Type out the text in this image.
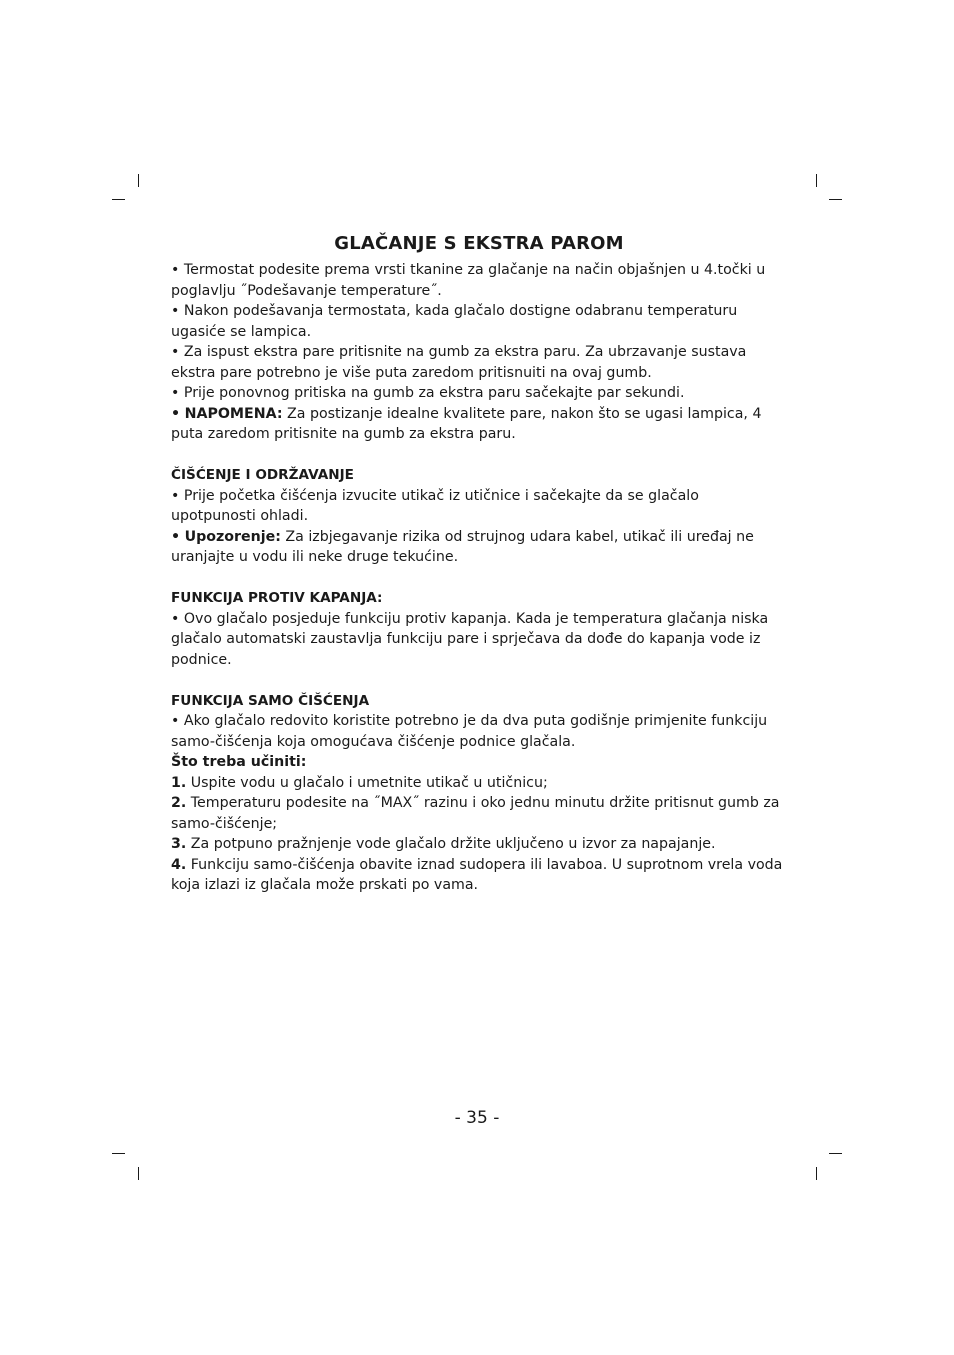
GLAČANJE S EKSTRA PAROM

• Termostat podesite prema vrsti tkanine za glačanje na način objašnjen u 4.točki u poglavlju ˝Podešavanje temperature˝.

• Nakon podešavanja termostata, kada glačalo dostigne odabranu temperaturu ugasiće se lampica.

• Za ispust ekstra pare pritisnite na gumb za ekstra paru. Za ubrzavanje sustava ekstra pare potrebno je više puta zaredom pritisnuiti na ovaj gumb.

• Prije ponovnog pritiska na gumb za ekstra paru sačekajte par sekundi.

• NAPOMENA: Za postizanje idealne kvalitete pare, nakon što se ugasi lampica, 4 puta zaredom pritisnite na gumb za ekstra paru.

ČIŠĆENJE I ODRŽAVANJE

• Prije početka čišćenja izvucite utikač iz utičnice i sačekajte da se glačalo upotpunosti ohladi.

• Upozorenje: Za izbjegavanje rizika od strujnog udara kabel, utikač ili uređaj ne uranjajte u vodu ili neke druge tekućine.

FUNKCIJA PROTIV KAPANJA:

• Ovo glačalo posjeduje funkciju protiv kapanja. Kada je temperatura glačanja niska glačalo automatski zaustavlja funkciju pare i sprječava da dođe do kapanja vode iz podnice.

FUNKCIJA SAMO ČIŠĆENJA

• Ako glačalo redovito koristite potrebno je da dva puta godišnje primjenite funkciju samo-čišćenja koja omogućava čišćenje podnice glačala.

Što treba učiniti:

1. Uspite vodu u glačalo i umetnite utikač u utičnicu;

2. Temperaturu podesite na ˝MAX˝ razinu i oko jednu minutu držite pritisnut gumb za samo-čišćenje;

3. Za potpuno pražnjenje vode glačalo držite uključeno u izvor za napajanje.

4. Funkciju samo-čišćenja obavite iznad sudopera ili lavaboa. U suprotnom vrela voda koja izlazi iz glačala može prskati po vama.

- 35 -
